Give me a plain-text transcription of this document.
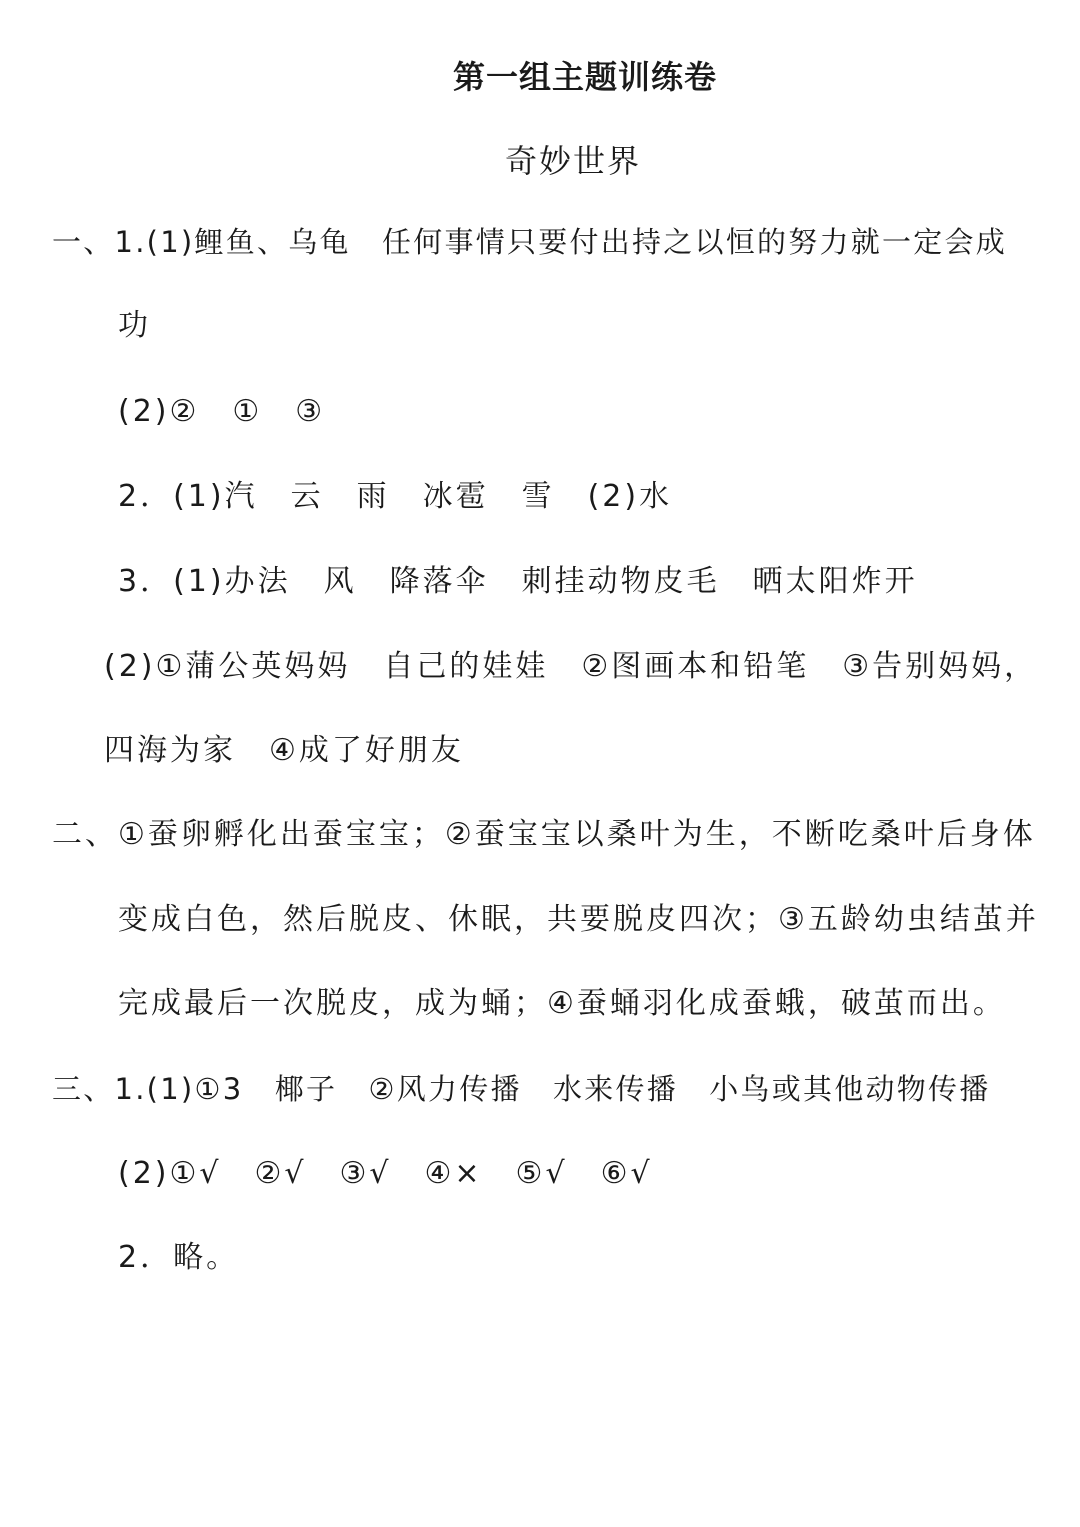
第一组主题训练卷
奇妙世界
一、1.(1)鲤鱼、乌龟　任何事情只要付出持之以恒的努力就一定会成
功
(2)②　①　③
2．(1)汽　云　雨　冰雹　雪　(2)水
3．(1)办法　风　降落伞　刺挂动物皮毛　晒太阳炸开
(2)①蒲公英妈妈　自己的娃娃　②图画本和铅笔　③告别妈妈，
四海为家　④成了好朋友
二、①蚕卵孵化出蚕宝宝；②蚕宝宝以桑叶为生，不断吃桑叶后身体
变成白色，然后脱皮、休眠，共要脱皮四次；③五龄幼虫结茧并
完成最后一次脱皮，成为蛹；④蚕蛹羽化成蚕蛾，破茧而出。
三、1.(1)①3　椰子　②风力传播　水来传播　小鸟或其他动物传播
(2)①√　②√　③√　④×　⑤√　⑥√
2．略。
